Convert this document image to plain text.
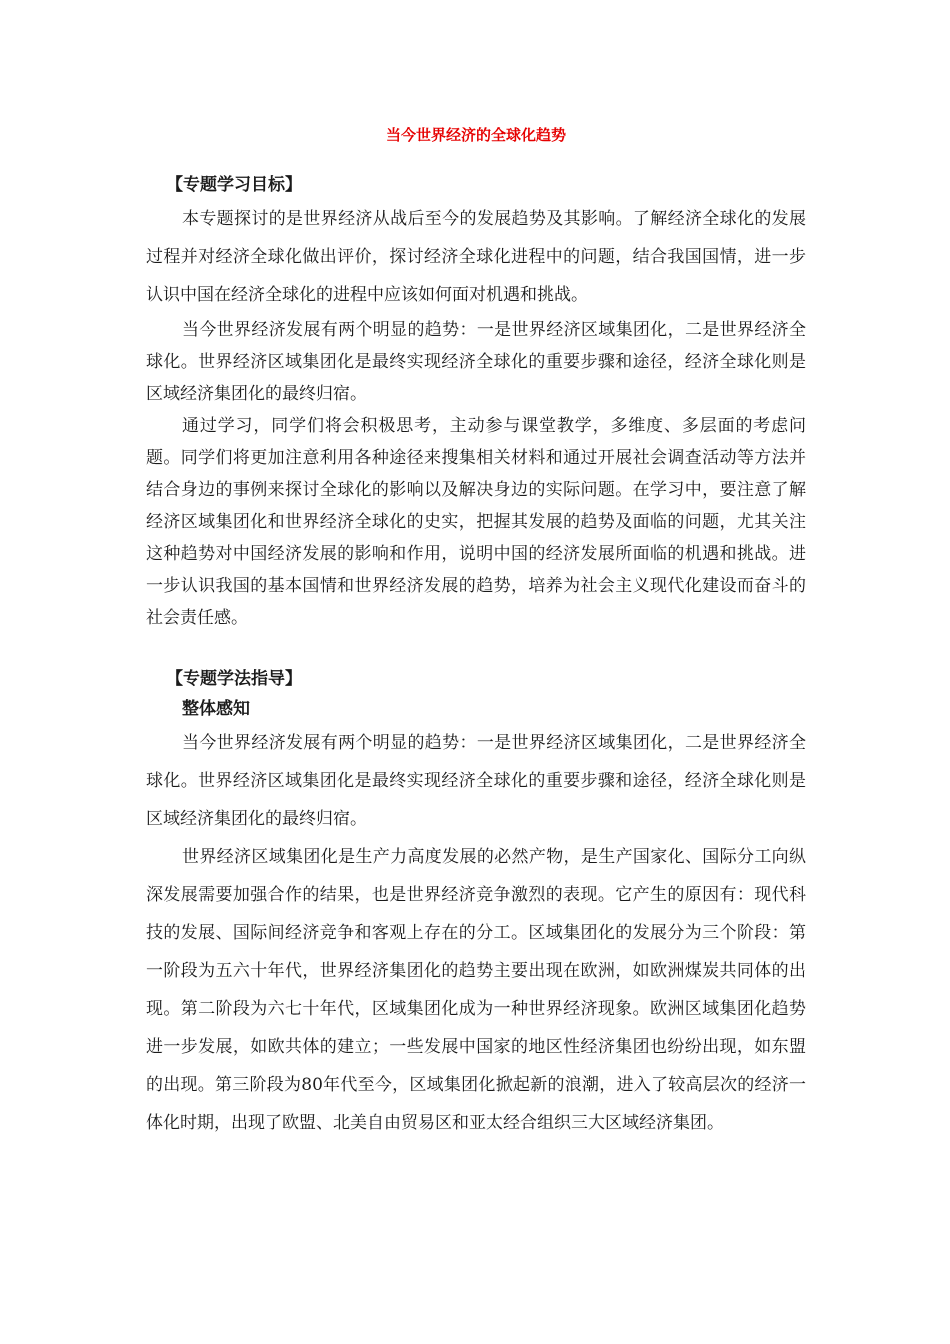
当今世界经济的全球化趋势
【专题学习目标】

本专题探讨的是世界经济从战后至今的发展趋势及其影响。了解经济全球化的发展过程并对经济全球化做出评价，探讨经济全球化进程中的问题，结合我国国情，进一步认识中国在经济全球化的进程中应该如何面对机遇和挑战。

当今世界经济发展有两个明显的趋势：一是世界经济区域集团化，二是世界经济全球化。世界经济区域集团化是最终实现经济全球化的重要步骤和途径，经济全球化则是区域经济集团化的最终归宿。

通过学习，同学们将会积极思考，主动参与课堂教学，多维度、多层面的考虑问题。同学们将更加注意利用各种途径来搜集相关材料和通过开展社会调查活动等方法并结合身边的事例来探讨全球化的影响以及解决身边的实际问题。在学习中，要注意了解经济区域集团化和世界经济全球化的史实，把握其发展的趋势及面临的问题，尤其关注这种趋势对中国经济发展的影响和作用，说明中国的经济发展所面临的机遇和挑战。进一步认识我国的基本国情和世界经济发展的趋势，培养为社会主义现代化建设而奋斗的社会责任感。

【专题学法指导】
整体感知

当今世界经济发展有两个明显的趋势：一是世界经济区域集团化，二是世界经济全球化。世界经济区域集团化是最终实现经济全球化的重要步骤和途径，经济全球化则是区域经济集团化的最终归宿。

世界经济区域集团化是生产力高度发展的必然产物，是生产国家化、国际分工向纵深发展需要加强合作的结果，也是世界经济竞争激烈的表现。它产生的原因有：现代科技的发展、国际间经济竞争和客观上存在的分工。区域集团化的发展分为三个阶段：第一阶段为五六十年代，世界经济集团化的趋势主要出现在欧洲，如欧洲煤炭共同体的出现。第二阶段为六七十年代，区域集团化成为一种世界经济现象。欧洲区域集团化趋势进一步发展，如欧共体的建立；一些发展中国家的地区性经济集团也纷纷出现，如东盟的出现。第三阶段为80年代至今，区域集团化掀起新的浪潮，进入了较高层次的经济一体化时期，出现了欧盟、北美自由贸易区和亚太经合组织三大区域经济集团。
